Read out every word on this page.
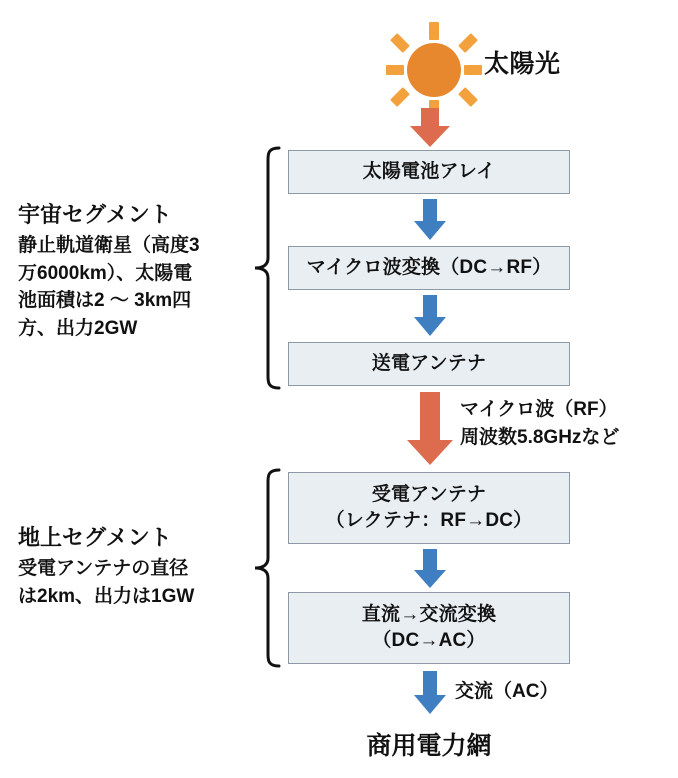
太陽光
太陽電池アレイ
マイクロ波変換（DC→RF）
送電アンテナ
マイクロ波（RF）
周波数5.8GHzなど
受電アンテナ
（レクテナ：RF→DC）
直流→交流変換
（DC→AC）
交流（AC）
商用電力網
宇宙セグメント
静止軌道衛星（高度3
万6000km）、太陽電
池面積は2 〜 3km四
方、出力2GW
地上セグメント
受電アンテナの直径
は2km、出力は1GW
